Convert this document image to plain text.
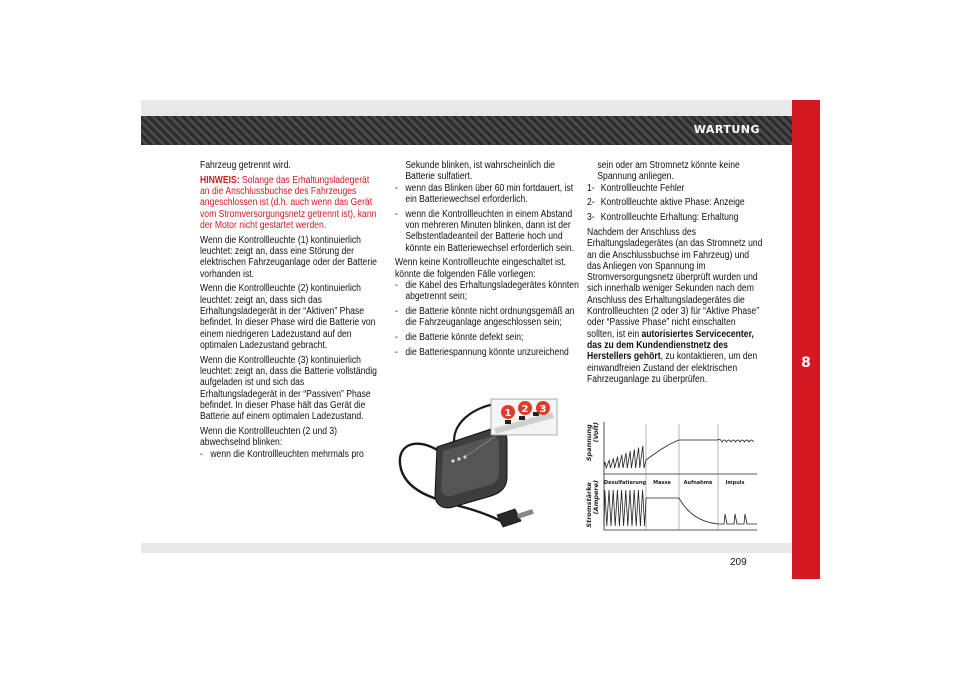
WARTUNG
209
8

Fahrzeug getrennt wird.

HINWEIS: Solange das Erhaltungsladegerät an die Anschlussbuchse des Fahrzeuges angeschlossen ist (d.h. auch wenn das Gerät vom Stromversorgungsnetz getrennt ist), kann der Motor nicht gestartet werden.

Wenn die Kontrollleuchte (1) kontinuierlich leuchtet: zeigt an, dass eine Störung der elektrischen Fahrzeuganlage oder der Batterie vorhanden ist.

Wenn die Kontrollleuchte (2) kontinuierlich leuchtet: zeigt an, dass sich das Erhaltungsladegerät in der “Aktiven” Phase befindet. In dieser Phase wird die Batterie von einem niedrigeren Ladezustand auf den optimalen Ladezustand gebracht.

Wenn die Kontrollleuchte (3) kontinuierlich leuchtet: zeigt an, dass die Batterie vollständig aufgeladen ist und sich das Erhaltungsladegerät in der “Passiven” Phase befindet. In dieser Phase hält das Gerät die Batterie auf einem optimalen Ladezustand.

Wenn die Kontrollleuchten (2 und 3) abwechselnd blinken:

- wenn die Kontrollleuchten mehrmals pro

Sekunde blinken, ist wahrscheinlich die Batterie sulfatiert.

- wenn das Blinken über 60 min fortdauert, ist ein Batteriewechsel erforderlich.

- wenn die Kontrollleuchten in einem Abstand von mehreren Minuten blinken, dann ist der Selbstentladeanteil der Batterie hoch und könnte ein Batteriewechsel erforderlich sein.

Wenn keine Kontrollleuchte eingeschaltet ist, könnte die folgenden Fälle vorliegen:

- die Kabel des Erhaltungsladegerätes könnten abgetrennt sein;

- die Batterie könnte nicht ordnungsgemäß an die Fahrzeuganlage angeschlossen sein;

- die Batterie könnte defekt sein;

- die Batteriespannung könnte unzureichend

sein oder am Stromnetz könnte keine Spannung anliegen.

1- Kontrollleuchte Fehler

2- Kontrollleuchte aktive Phase: Anzeige

3- Kontrollleuchte Erhaltung: Erhaltung

Nachdem der Anschluss des Erhaltungsladegerätes (an das Stromnetz und an die Anschlussbuchse im Fahrzeug) und das Anliegen von Spannung im Stromversorgungsnetz überprüft wurden und sich innerhalb weniger Sekunden nach dem Anschluss des Erhaltungsladegerätes die Kontrollleuchten (2 oder 3) für “Aktive Phase” oder “Passive Phase” nicht einschalten sollten, ist ein autorisiertes Servicecenter, das zu dem Kundendienstnetz des Herstellers gehört, zu kontaktieren, um den einwandfreien Zustand der elektrischen Fahrzeuganlage zu überprüfen.

1 2 3
Spannung (Volt)
Stromstärke (Ampere) Desulfatierung Masse	Aufnahme	Impuls
